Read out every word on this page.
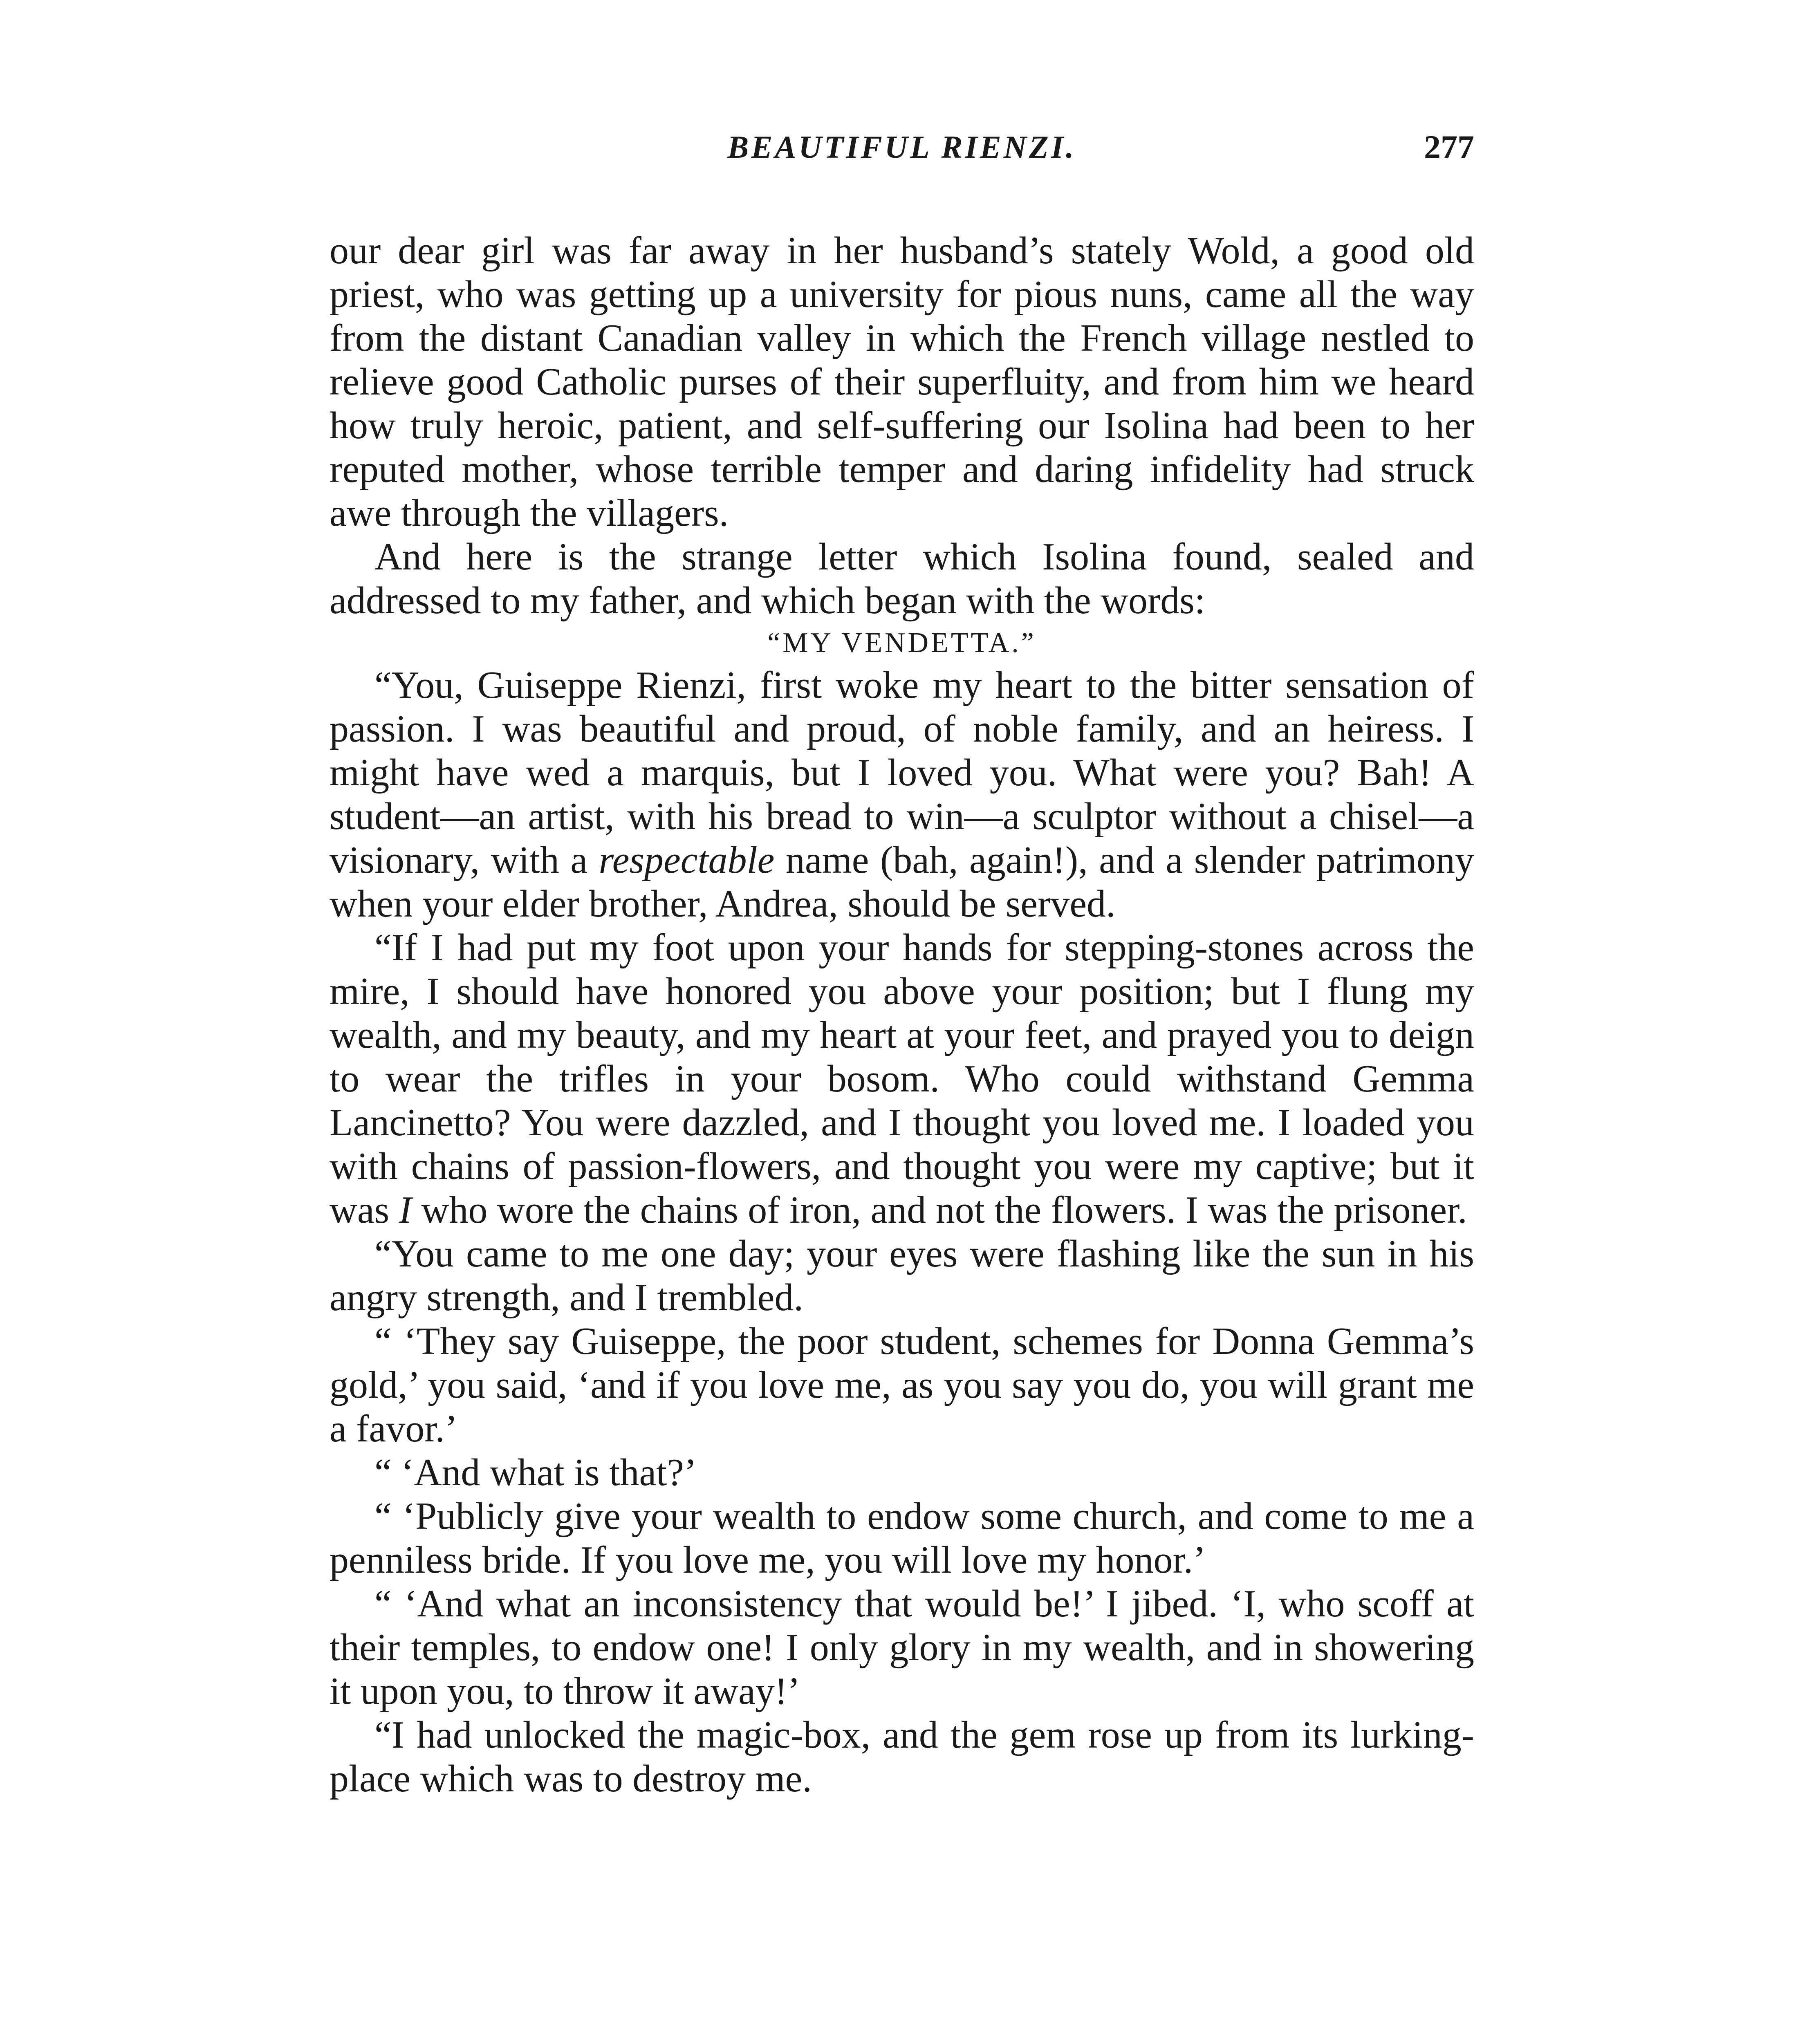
BEAUTIFUL RIENZI.	277

our dear girl was far away in her husband’s stately Wold, a good old priest, who was getting up a university for pious nuns, came all the way from the distant Canadian valley in which the French village nestled to relieve good Catholic purses of their superfluity, and from him we heard how truly heroic, patient, and self-suffering our Isolina had been to her reputed mother, whose terrible temper and daring infidelity had struck awe through the villagers.

And here is the strange letter which Isolina found, sealed and addressed to my father, and which began with the words:

“MY VENDETTA.”

“You, Guiseppe Rienzi, first woke my heart to the bitter sensation of passion. I was beautiful and proud, of noble family, and an heiress. I might have wed a marquis, but I loved you. What were you? Bah! A student—an artist, with his bread to win—a sculptor without a chisel—a visionary, with a respectable name (bah, again!), and a slender patrimony when your elder brother, Andrea, should be served.

“If I had put my foot upon your hands for stepping-stones across the mire, I should have honored you above your position; but I flung my wealth, and my beauty, and my heart at your feet, and prayed you to deign to wear the trifles in your bosom. Who could withstand Gemma Lancinetto? You were dazzled, and I thought you loved me. I loaded you with chains of passion-flowers, and thought you were my captive; but it was I who wore the chains of iron, and not the flowers. I was the prisoner.

“You came to me one day; your eyes were flashing like the sun in his angry strength, and I trembled.

“ ‘They say Guiseppe, the poor student, schemes for Donna Gemma’s gold,’ you said, ‘and if you love me, as you say you do, you will grant me a favor.’

“ ‘And what is that?’

“ ‘Publicly give your wealth to endow some church, and come to me a penniless bride. If you love me, you will love my honor.’

“ ‘And what an inconsistency that would be!’ I jibed. ‘I, who scoff at their temples, to endow one! I only glory in my wealth, and in showering it upon you, to throw it away!’

“I had unlocked the magic-box, and the gem rose up from its lurking-place which was to destroy me.
